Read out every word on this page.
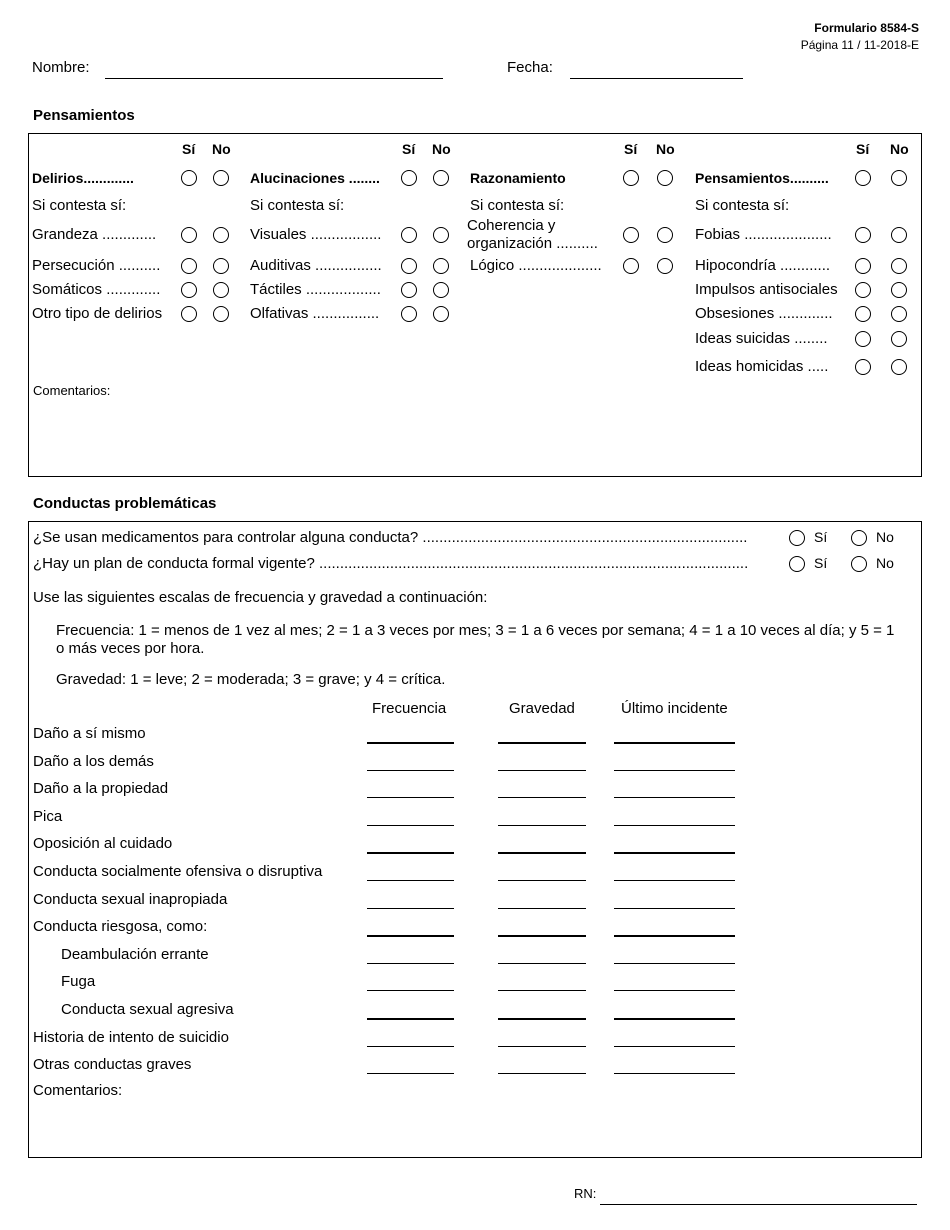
Formulario 8584-S
Página 11 / 11-2018-E
Nombre:	Fecha:
Pensamientos
Comentarios:
Sí No
Delirios.............
Si contesta sí:
Grandeza .............
Persecución ..........
Somáticos .............
Otro tipo de delirios
Sí No
Alucinaciones ........
Si contesta sí:
Visuales .................
Auditivas ................
Táctiles ..................
Olfativas ................
Sí No
Razonamiento
Si contesta sí:
Coherencia y
organización ..........
Lógico ....................
Sí No
Pensamientos..........
Si contesta sí:
Fobias .....................
Hipocondría ............
Impulsos antisociales
Obsesiones .............
Ideas suicidas ........
Ideas homicidas .....
Conductas problemáticas
¿Se usan medicamentos para controlar alguna conducta? ..............................................................................	Sí	No
¿Hay un plan de conducta formal vigente? .......................................................................................................	Sí	No
Use las siguientes escalas de frecuencia y gravedad a continuación:
Frecuencia: 1 = menos de 1 vez al mes; 2 = 1 a 3 veces por mes; 3 = 1 a 6 veces por semana; 4 = 1 a 10 veces al día; y 5 = 1
o más veces por hora.
Gravedad: 1 = leve; 2 = moderada; 3 = grave; y 4 = crítica.
Frecuencia	Gravedad	Último incidente
Daño a sí mismo
Daño a los demás
Daño a la propiedad
Pica
Oposición al cuidado
Conducta socialmente ofensiva o disruptiva
Conducta sexual inapropiada
Conducta riesgosa, como:
Deambulación errante
Fuga
Conducta sexual agresiva
Historia de intento de suicidio
Otras conductas graves
Comentarios:
RN:
